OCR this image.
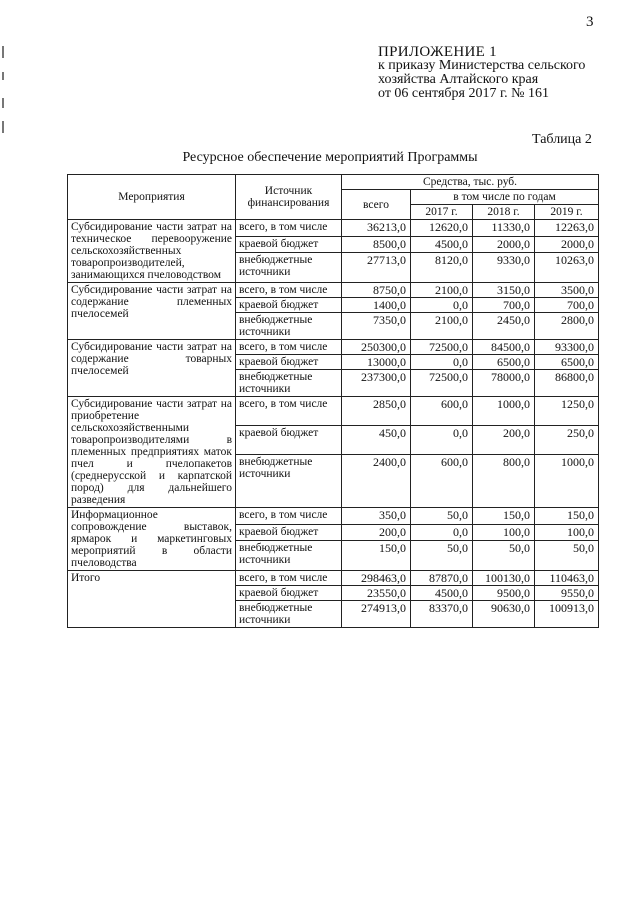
3
ПРИЛОЖЕНИЕ 1
к приказу Министерства сельского
хозяйства Алтайского края
от 06 сентября 2017 г. № 161
Таблица 2
Ресурсное обеспечение мероприятий Программы
Мероприятия	Источник финансирования	Средства, тыс. руб.			
		всего	в том числе по годам		
			2017 г.	2018 г.	2019 г.
Субсидирование части затрат на техническое перевооружение сельскохозяйственных товаропроизводителей, занимающихся пчеловодством	всего, в том числе	36213,0	12620,0	11330,0	12263,0
	краевой бюджет	8500,0	4500,0	2000,0	2000,0
	внебюджетные источники	27713,0	8120,0	9330,0	10263,0
Субсидирование части затрат на содержание племенных пчелосемей	всего, в том числе	8750,0	2100,0	3150,0	3500,0
	краевой бюджет	1400,0	0,0	700,0	700,0
	внебюджетные источники	7350,0	2100,0	2450,0	2800,0
Субсидирование части затрат на содержание товарных пчелосемей	всего, в том числе	250300,0	72500,0	84500,0	93300,0
	краевой бюджет	13000,0	0,0	6500,0	6500,0
	внебюджетные источники	237300,0	72500,0	78000,0	86800,0
Субсидирование части затрат на приобретение сельскохозяйственными товаропроизводителями в племенных предприятиях маток пчел и пчелопакетов (среднерусской и карпатской пород) для дальнейшего разведения	всего, в том числе	2850,0	600,0	1000,0	1250,0
	краевой бюджет	450,0	0,0	200,0	250,0
	внебюджетные источники	2400,0	600,0	800,0	1000,0
Информационное сопровождение выставок, ярмарок и маркетинговых мероприятий в области пчеловодства	всего, в том числе	350,0	50,0	150,0	150,0
	краевой бюджет	200,0	0,0	100,0	100,0
	внебюджетные источники	150,0	50,0	50,0	50,0
Итого	всего, в том числе	298463,0	87870,0	100130,0	110463,0
	краевой бюджет	23550,0	4500,0	9500,0	9550,0
	внебюджетные источники	274913,0	83370,0	90630,0	100913,0
